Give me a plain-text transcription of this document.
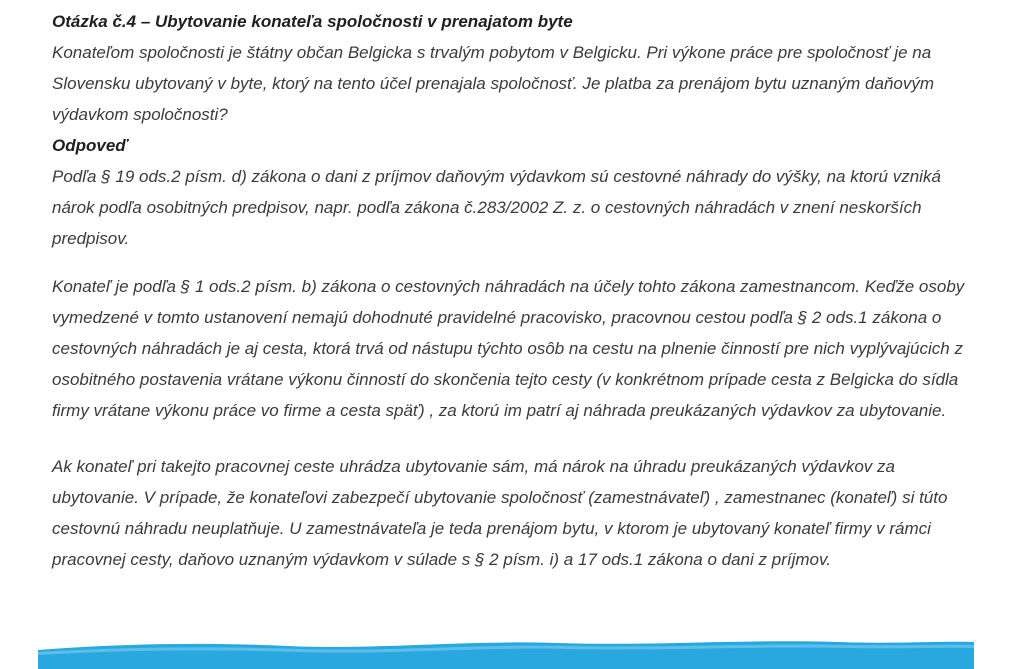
Otázka č.4 – Ubytovanie konateľa spoločnosti v prenajatom byte

Konateľom spoločnosti je štátny občan Belgicka s trvalým pobytom v Belgicku. Pri výkone práce pre spoločnosť je na Slovensku ubytovaný v byte, ktorý na tento účel prenajala spoločnosť. Je platba za prenájom bytu uznaným daňovým výdavkom spoločnosti?

Odpoveď

Podľa § 19 ods.2 písm. d) zákona o dani z príjmov daňovým výdavkom sú cestovné náhrady do výšky, na ktorú vzniká nárok podľa osobitných predpisov, napr. podľa zákona č.283/2002 Z. z. o cestovných náhradách v znení neskorších predpisov.

Konateľ je podľa § 1 ods.2 písm. b) zákona o cestovných náhradách na účely tohto zákona zamestnancom. Keďže osoby vymedzené v tomto ustanovení nemajú dohodnuté pravidelné pracovisko, pracovnou cestou podľa § 2 ods.1 zákona o cestovných náhradách je aj cesta, ktorá trvá od nástupu týchto osôb na cestu na plnenie činností pre nich vyplývajúcich z osobitného postavenia vrátane výkonu činností do skončenia tejto cesty (v konkrétnom prípade cesta z Belgicka do sídla firmy vrátane výkonu práce vo firme a cesta späť) , za ktorú im patrí aj náhrada preukázaných výdavkov za ubytovanie.

Ak konateľ pri takejto pracovnej ceste uhrádza ubytovanie sám, má nárok na úhradu preukázaných výdavkov za ubytovanie. V prípade, že konateľovi zabezpečí ubytovanie spoločnosť (zamestnávateľ) , zamestnanec (konateľ) si túto cestovnú náhradu neuplatňuje. U zamestnávateľa je teda prenájom bytu, v ktorom je ubytovaný konateľ firmy v rámci pracovnej cesty, daňovo uznaným výdavkom v súlade s § 2 písm. i) a 17 ods.1 zákona o dani z príjmov.
